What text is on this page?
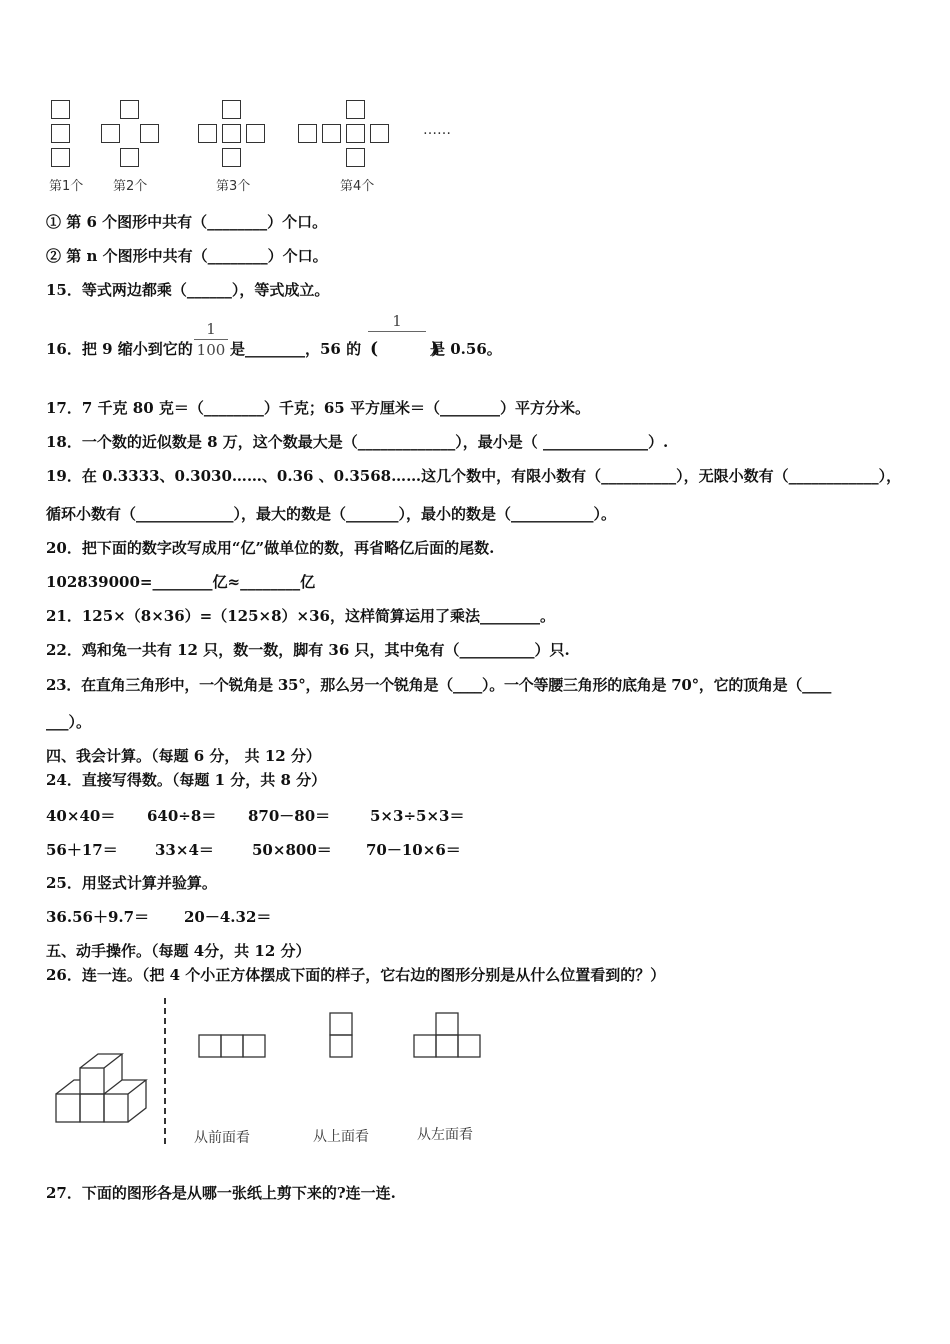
第1个 第2个	第3个	第4个
……
① 第 6 个图形中共有（________）个口。
② 第 n 个图形中共有（________）个口。
15．等式两边都乘（______），等式成立。
16．把 9 缩小到它的
1
100 是________，56 的
1
(         )
是 0.56。
17．7 千克 80 克＝（________）千克；65 平方厘米＝（________）平方分米。
18．一个数的近似数是 8 万，这个数最大是（_____________），最小是（ ______________）.
19．在 0.3333、0.3030……、0.36 、0.3568……这几个数中，有限小数有（__________），无限小数有（____________），
循环小数有（_____________），最大的数是（_______），最小的数是（___________）。
20．把下面的数字改写成用“亿”做单位的数，再省略亿后面的尾数.
102839000=________亿≈________亿
21．125×（8×36）=（125×8）×36，这样简算运用了乘法________。
22．鸡和兔一共有 12 只，数一数，脚有 36 只，其中兔有（__________）只.
23．在直角三角形中，一个锐角是 35°，那么另一个锐角是（____）。一个等腰三角形的底角是 70°，它的顶角是（____
___）。
四、我会计算。（每题 6 分， 共 12 分）
24．直接写得数。（每题 1 分，共 8 分）
40×40＝ 640÷8＝ 870－80＝	5×3÷5×3＝
56＋17＝ 33×4＝	50×800＝ 70－10×6＝
25．用竖式计算并验算。
36.56＋9.7＝ 20－4.32＝
五、动手操作。（每题 4分，共 12 分）
26．连一连。（把 4 个小正方体摆成下面的样子，它右边的图形分别是从什么位置看到的？）
从前面看	从上面看	从左面看
27．下面的图形各是从哪一张纸上剪下来的?连一连.
